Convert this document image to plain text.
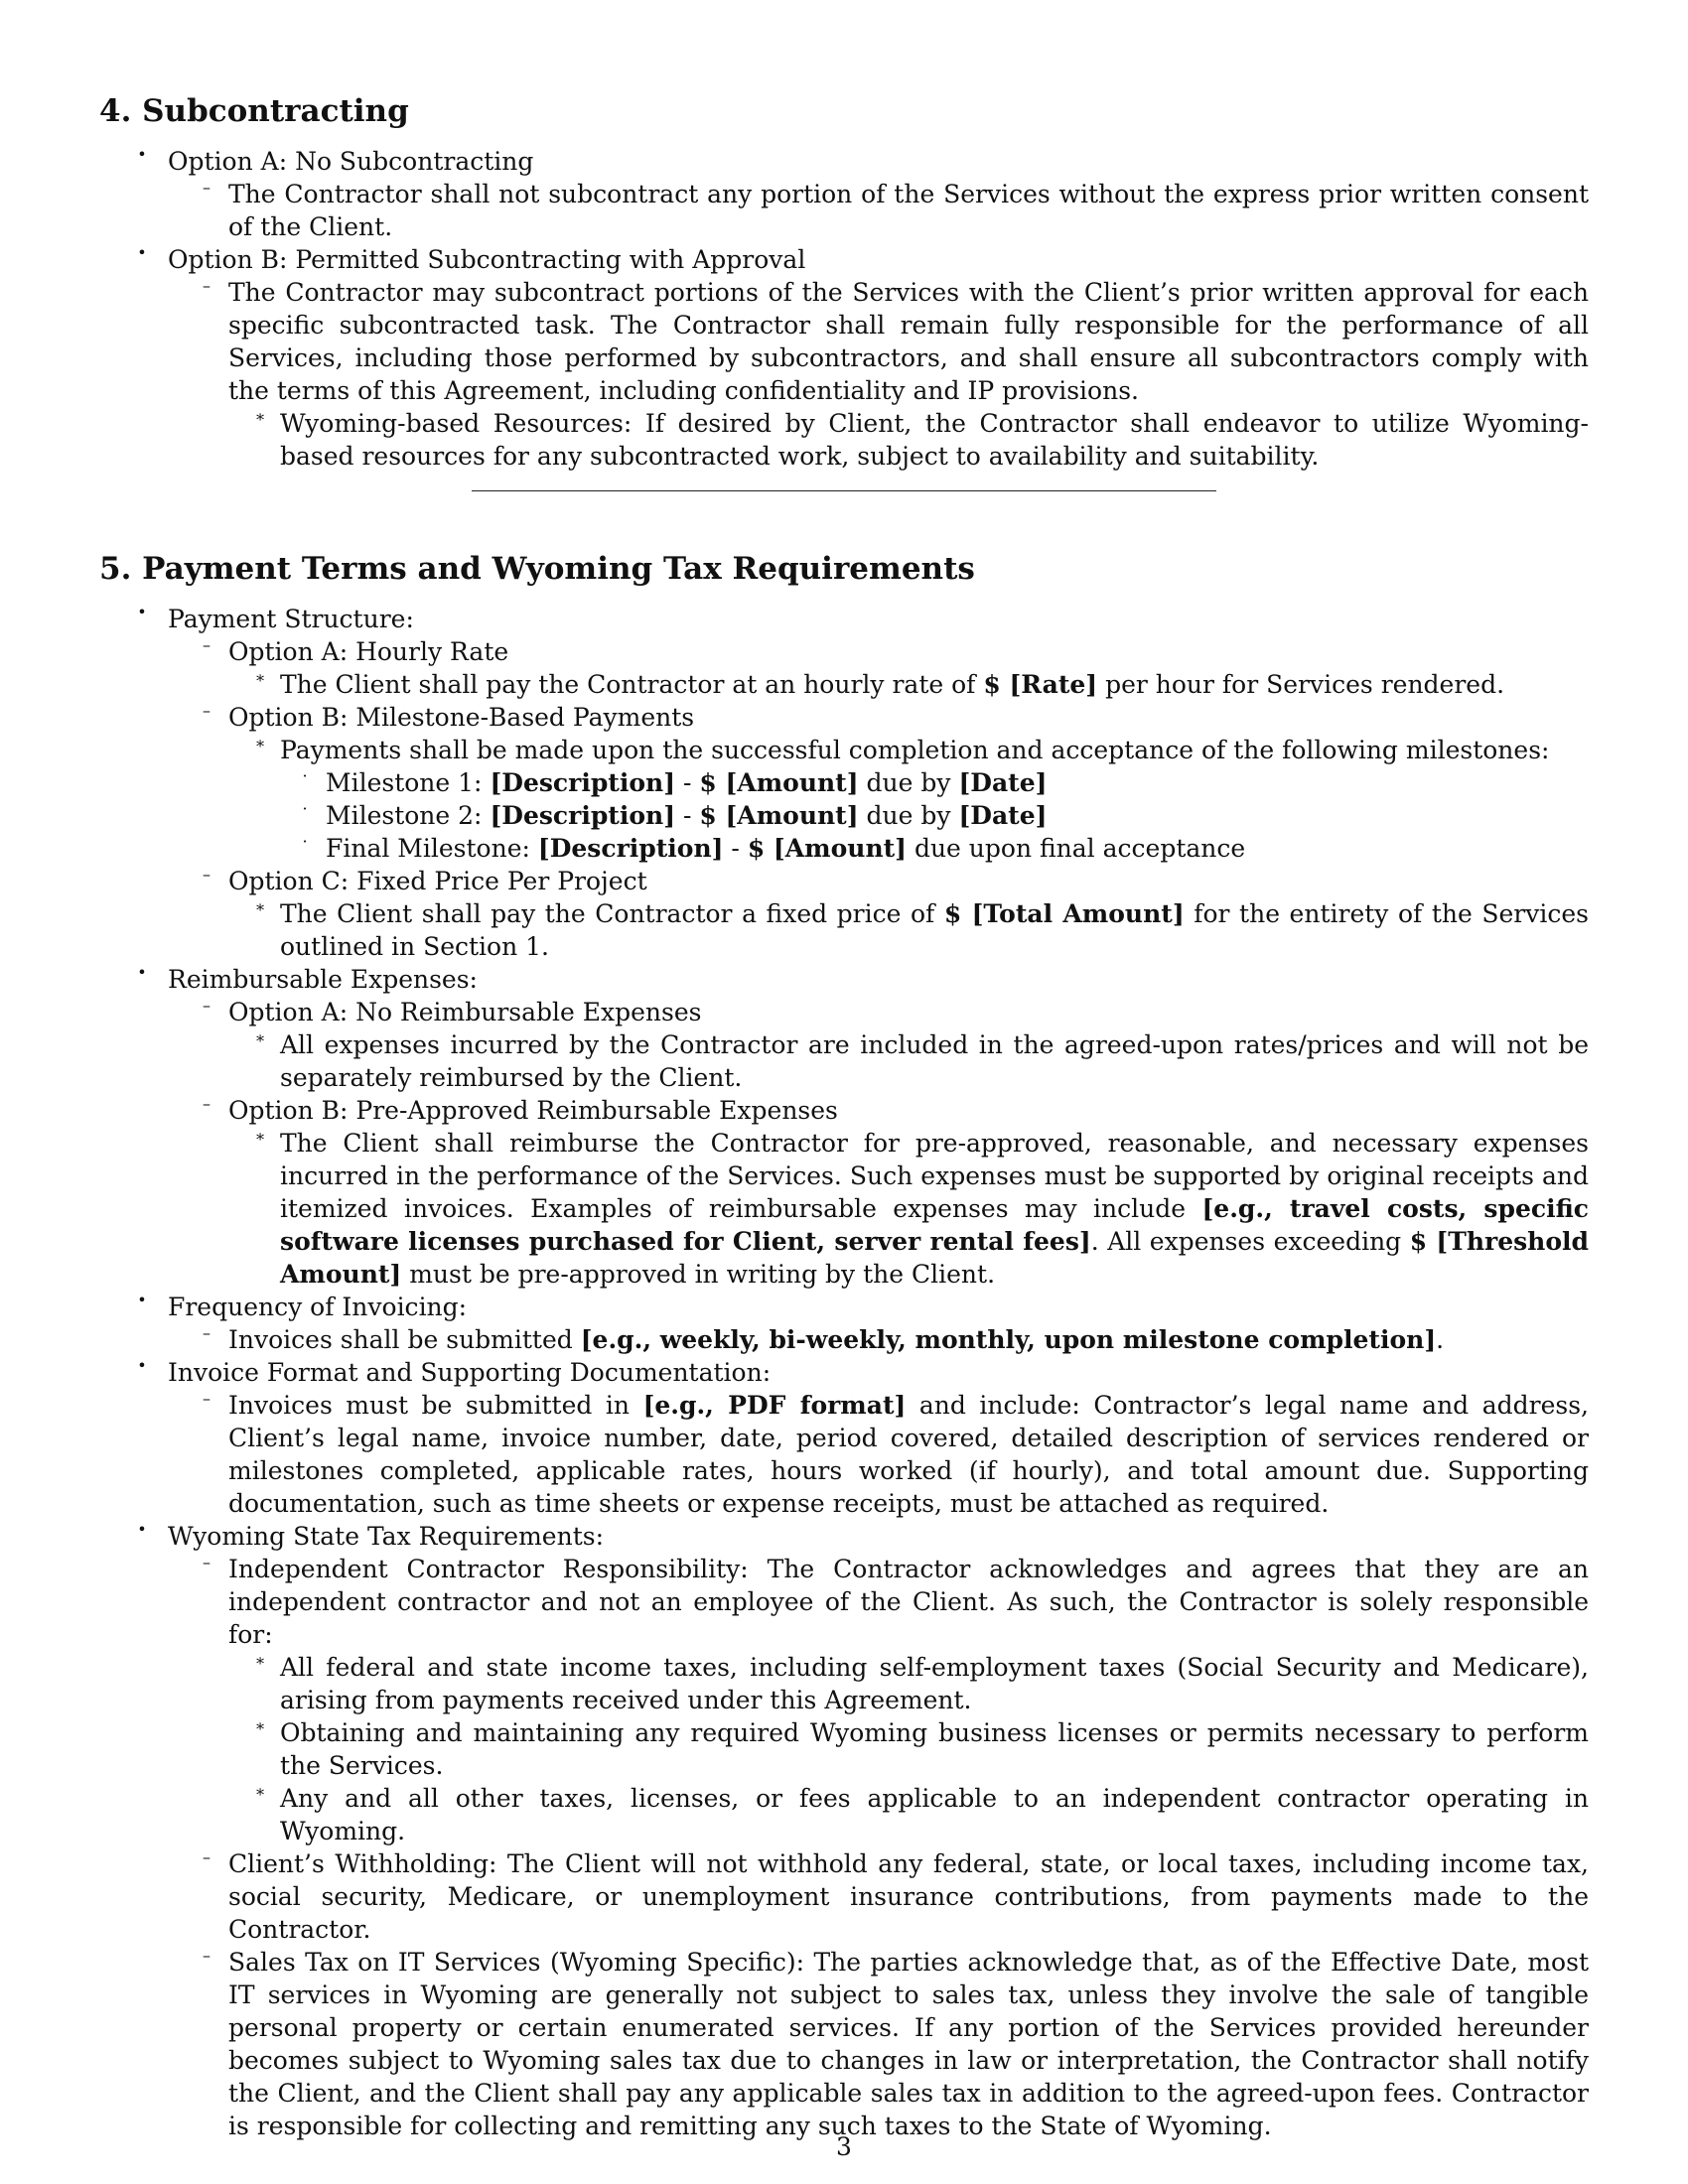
4. Subcontracting
• Option A: No Subcontracting
– The Contractor shall not subcontract any portion of the Services without the express prior written consent of the Client.
• Option B: Permitted Subcontracting with Approval
– The Contractor may subcontract portions of the Services with the Client’s prior written approval for each specific subcontracted task. The Contractor shall remain fully responsible for the performance of all Services, including those performed by subcontractors, and shall ensure all subcontractors comply with the terms of this Agreement, including confidentiality and IP provisions.
∗ Wyoming-based Resources: If desired by Client, the Contractor shall endeavor to utilize Wyoming-based resources for any subcontracted work, subject to availability and suitability.
5. Payment Terms and Wyoming Tax Requirements
• Payment Structure:
– Option A: Hourly Rate
∗ The Client shall pay the Contractor at an hourly rate of $ [Rate] per hour for Services rendered.
– Option B: Milestone-Based Payments
∗ Payments shall be made upon the successful completion and acceptance of the following milestones:
· Milestone 1: [Description] - $ [Amount] due by [Date]
· Milestone 2: [Description] - $ [Amount] due by [Date]
· Final Milestone: [Description] - $ [Amount] due upon final acceptance
– Option C: Fixed Price Per Project
∗ The Client shall pay the Contractor a fixed price of $ [Total Amount] for the entirety of the Services outlined in Section 1.
• Reimbursable Expenses:
– Option A: No Reimbursable Expenses
∗ All expenses incurred by the Contractor are included in the agreed-upon rates/prices and will not be separately reimbursed by the Client.
– Option B: Pre-Approved Reimbursable Expenses
∗ The Client shall reimburse the Contractor for pre-approved, reasonable, and necessary expenses incurred in the performance of the Services. Such expenses must be supported by original receipts and itemized invoices. Examples of reimbursable expenses may include [e.g., travel costs, specific software licenses purchased for Client, server rental fees]. All expenses exceeding $ [Threshold Amount] must be pre-approved in writing by the Client.
• Frequency of Invoicing:
– Invoices shall be submitted [e.g., weekly, bi-weekly, monthly, upon milestone completion].
• Invoice Format and Supporting Documentation:
– Invoices must be submitted in [e.g., PDF format] and include: Contractor’s legal name and address, Client’s legal name, invoice number, date, period covered, detailed description of services rendered or milestones completed, applicable rates, hours worked (if hourly), and total amount due. Supporting documentation, such as time sheets or expense receipts, must be attached as required.
• Wyoming State Tax Requirements:
– Independent Contractor Responsibility: The Contractor acknowledges and agrees that they are an independent contractor and not an employee of the Client. As such, the Contractor is solely responsible for:
∗ All federal and state income taxes, including self-employment taxes (Social Security and Medicare), arising from payments received under this Agreement.
∗ Obtaining and maintaining any required Wyoming business licenses or permits necessary to perform the Services.
∗ Any and all other taxes, licenses, or fees applicable to an independent contractor operating in Wyoming.
– Client’s Withholding: The Client will not withhold any federal, state, or local taxes, including income tax, social security, Medicare, or unemployment insurance contributions, from payments made to the Contractor.
– Sales Tax on IT Services (Wyoming Specific): The parties acknowledge that, as of the Effective Date, most IT services in Wyoming are generally not subject to sales tax, unless they involve the sale of tangible personal property or certain enumerated services. If any portion of the Services provided hereunder becomes subject to Wyoming sales tax due to changes in law or interpretation, the Contractor shall notify the Client, and the Client shall pay any applicable sales tax in addition to the agreed-upon fees. Contractor is responsible for collecting and remitting any such taxes to the State of Wyoming.
3
